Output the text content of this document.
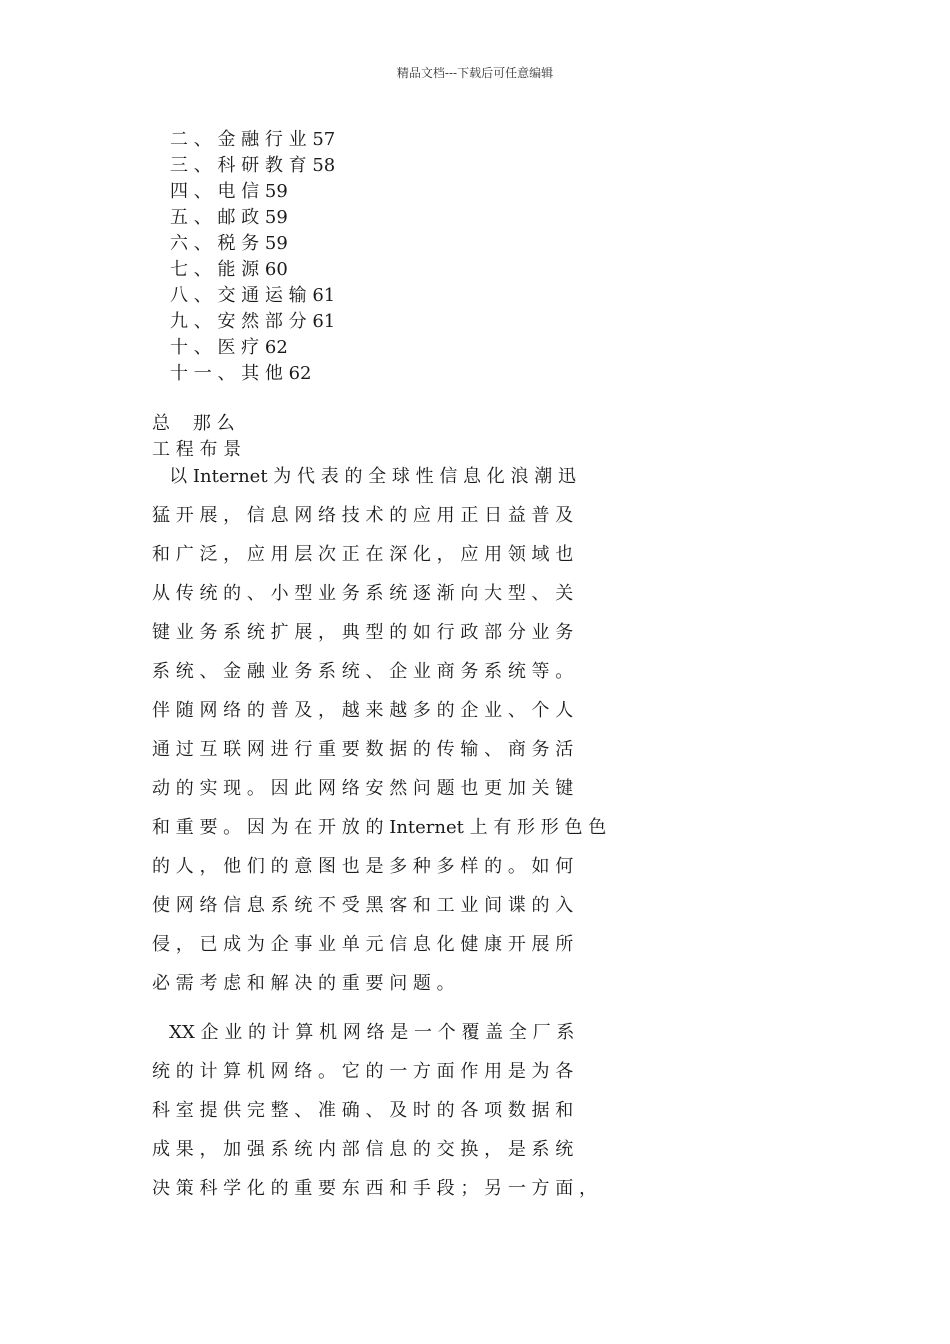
精品文档---下载后可任意编辑
二 、 金 融 行 业 57
三 、 科 研 教 育 58
四 、 电 信 59
五 、 邮 政 59
六 、 税 务 59
七 、 能 源 60
八 、 交 通 运 输 61
九 、 安 然 部 分 61
十 、 医 疗 62
十 一 、 其 他 62
总    那 么
工 程 布 景
以 Internet 为 代 表 的 全 球 性 信 息 化 浪 潮 迅
猛 开 展 ， 信 息 网 络 技 术 的 应 用 正 日 益 普 及
和 广 泛 ， 应 用 层 次 正 在 深 化 ， 应 用 领 域 也
从 传 统 的 、 小 型 业 务 系 统 逐 渐 向 大 型 、 关
键 业 务 系 统 扩 展 ， 典 型 的 如 行 政 部 分 业 务
系 统 、 金 融 业 务 系 统 、 企 业 商 务 系 统 等 。
伴 随 网 络 的 普 及 ， 越 来 越 多 的 企 业 、 个 人
通 过 互 联 网 进 行 重 要 数 据 的 传 输 、 商 务 活
动 的 实 现 。 因 此 网 络 安 然 问 题 也 更 加 关 键
和 重 要 。 因 为 在 开 放 的 Internet 上 有 形 形 色 色
的 人 ， 他 们 的 意 图 也 是 多 种 多 样 的 。 如 何
使 网 络 信 息 系 统 不 受 黑 客 和 工 业 间 谍 的 入
侵 ， 已 成 为 企 事 业 单 元 信 息 化 健 康 开 展 所
必 需 考 虑 和 解 决 的 重 要 问 题 。
XX 企 业 的 计 算 机 网 络 是 一 个 覆 盖 全 厂 系
统 的 计 算 机 网 络 。 它 的 一 方 面 作 用 是 为 各
科 室 提 供 完 整 、 准 确 、 及 时 的 各 项 数 据 和
成 果 ， 加 强 系 统 内 部 信 息 的 交 换 ， 是 系 统
决 策 科 学 化 的 重 要 东 西 和 手 段 ； 另 一 方 面 ，
